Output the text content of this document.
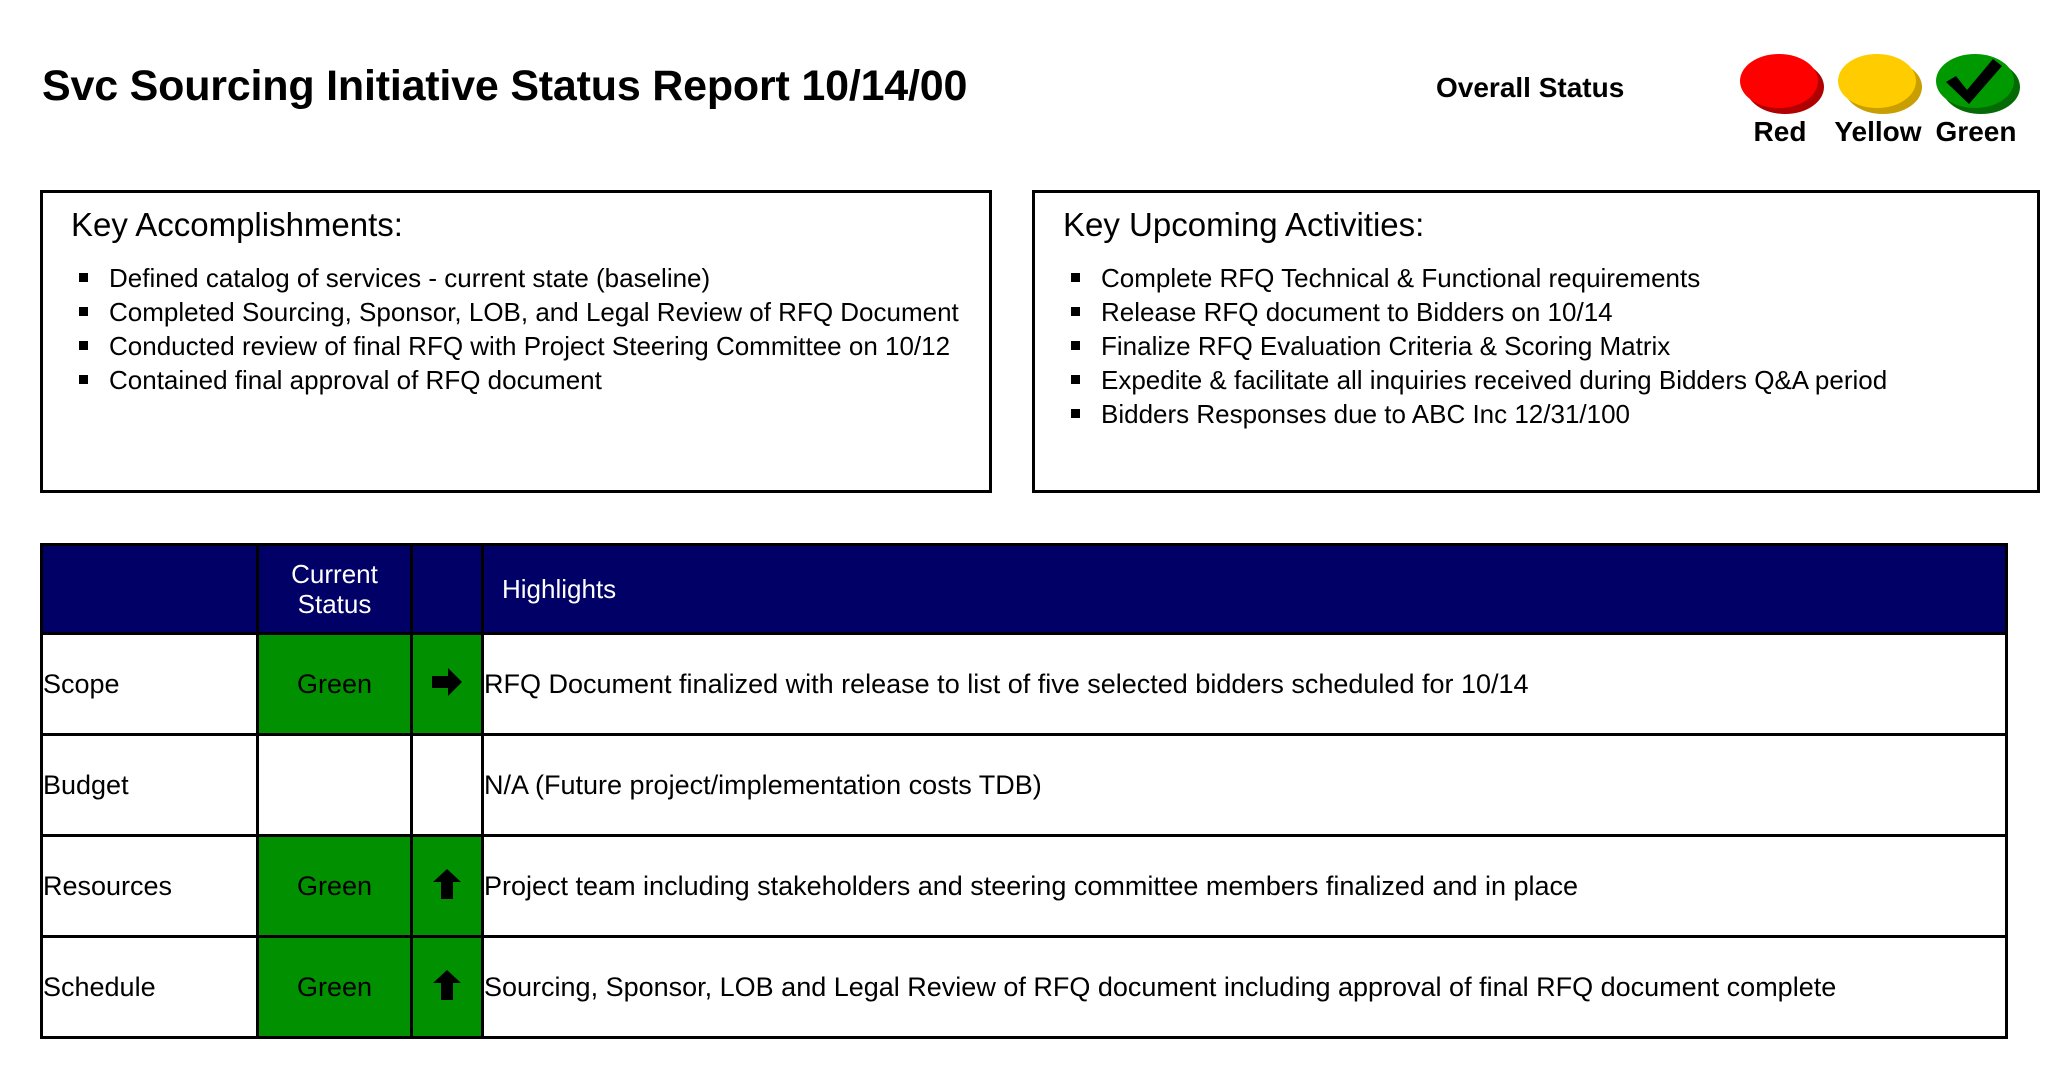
Svc Sourcing Initiative Status Report 10/14/00	Overall Status
Red Yellow Green
Key Accomplishments:
Defined catalog of services - current state (baseline)
Completed Sourcing, Sponsor, LOB, and Legal Review of RFQ Document
Conducted review of final RFQ with Project Steering Committee on 10/12
Contained final approval of RFQ document
Key Upcoming Activities:
Complete RFQ Technical & Functional requirements
Release RFQ document to Bidders on 10/14
Finalize RFQ Evaluation Criteria & Scoring Matrix
Expedite & facilitate all inquiries received during Bidders Q&A period
Bidders Responses due to ABC Inc 12/31/100

	Current
Status		Highlights

Scope	Green		RFQ Document finalized with release to list of five selected bidders scheduled for 10/14
Budget			N/A (Future project/implementation costs TDB)
Resources	Green		Project team including stakeholders and steering committee members finalized and in place
Schedule	Green		Sourcing, Sponsor, LOB and Legal Review of RFQ document including approval of final RFQ document complete
